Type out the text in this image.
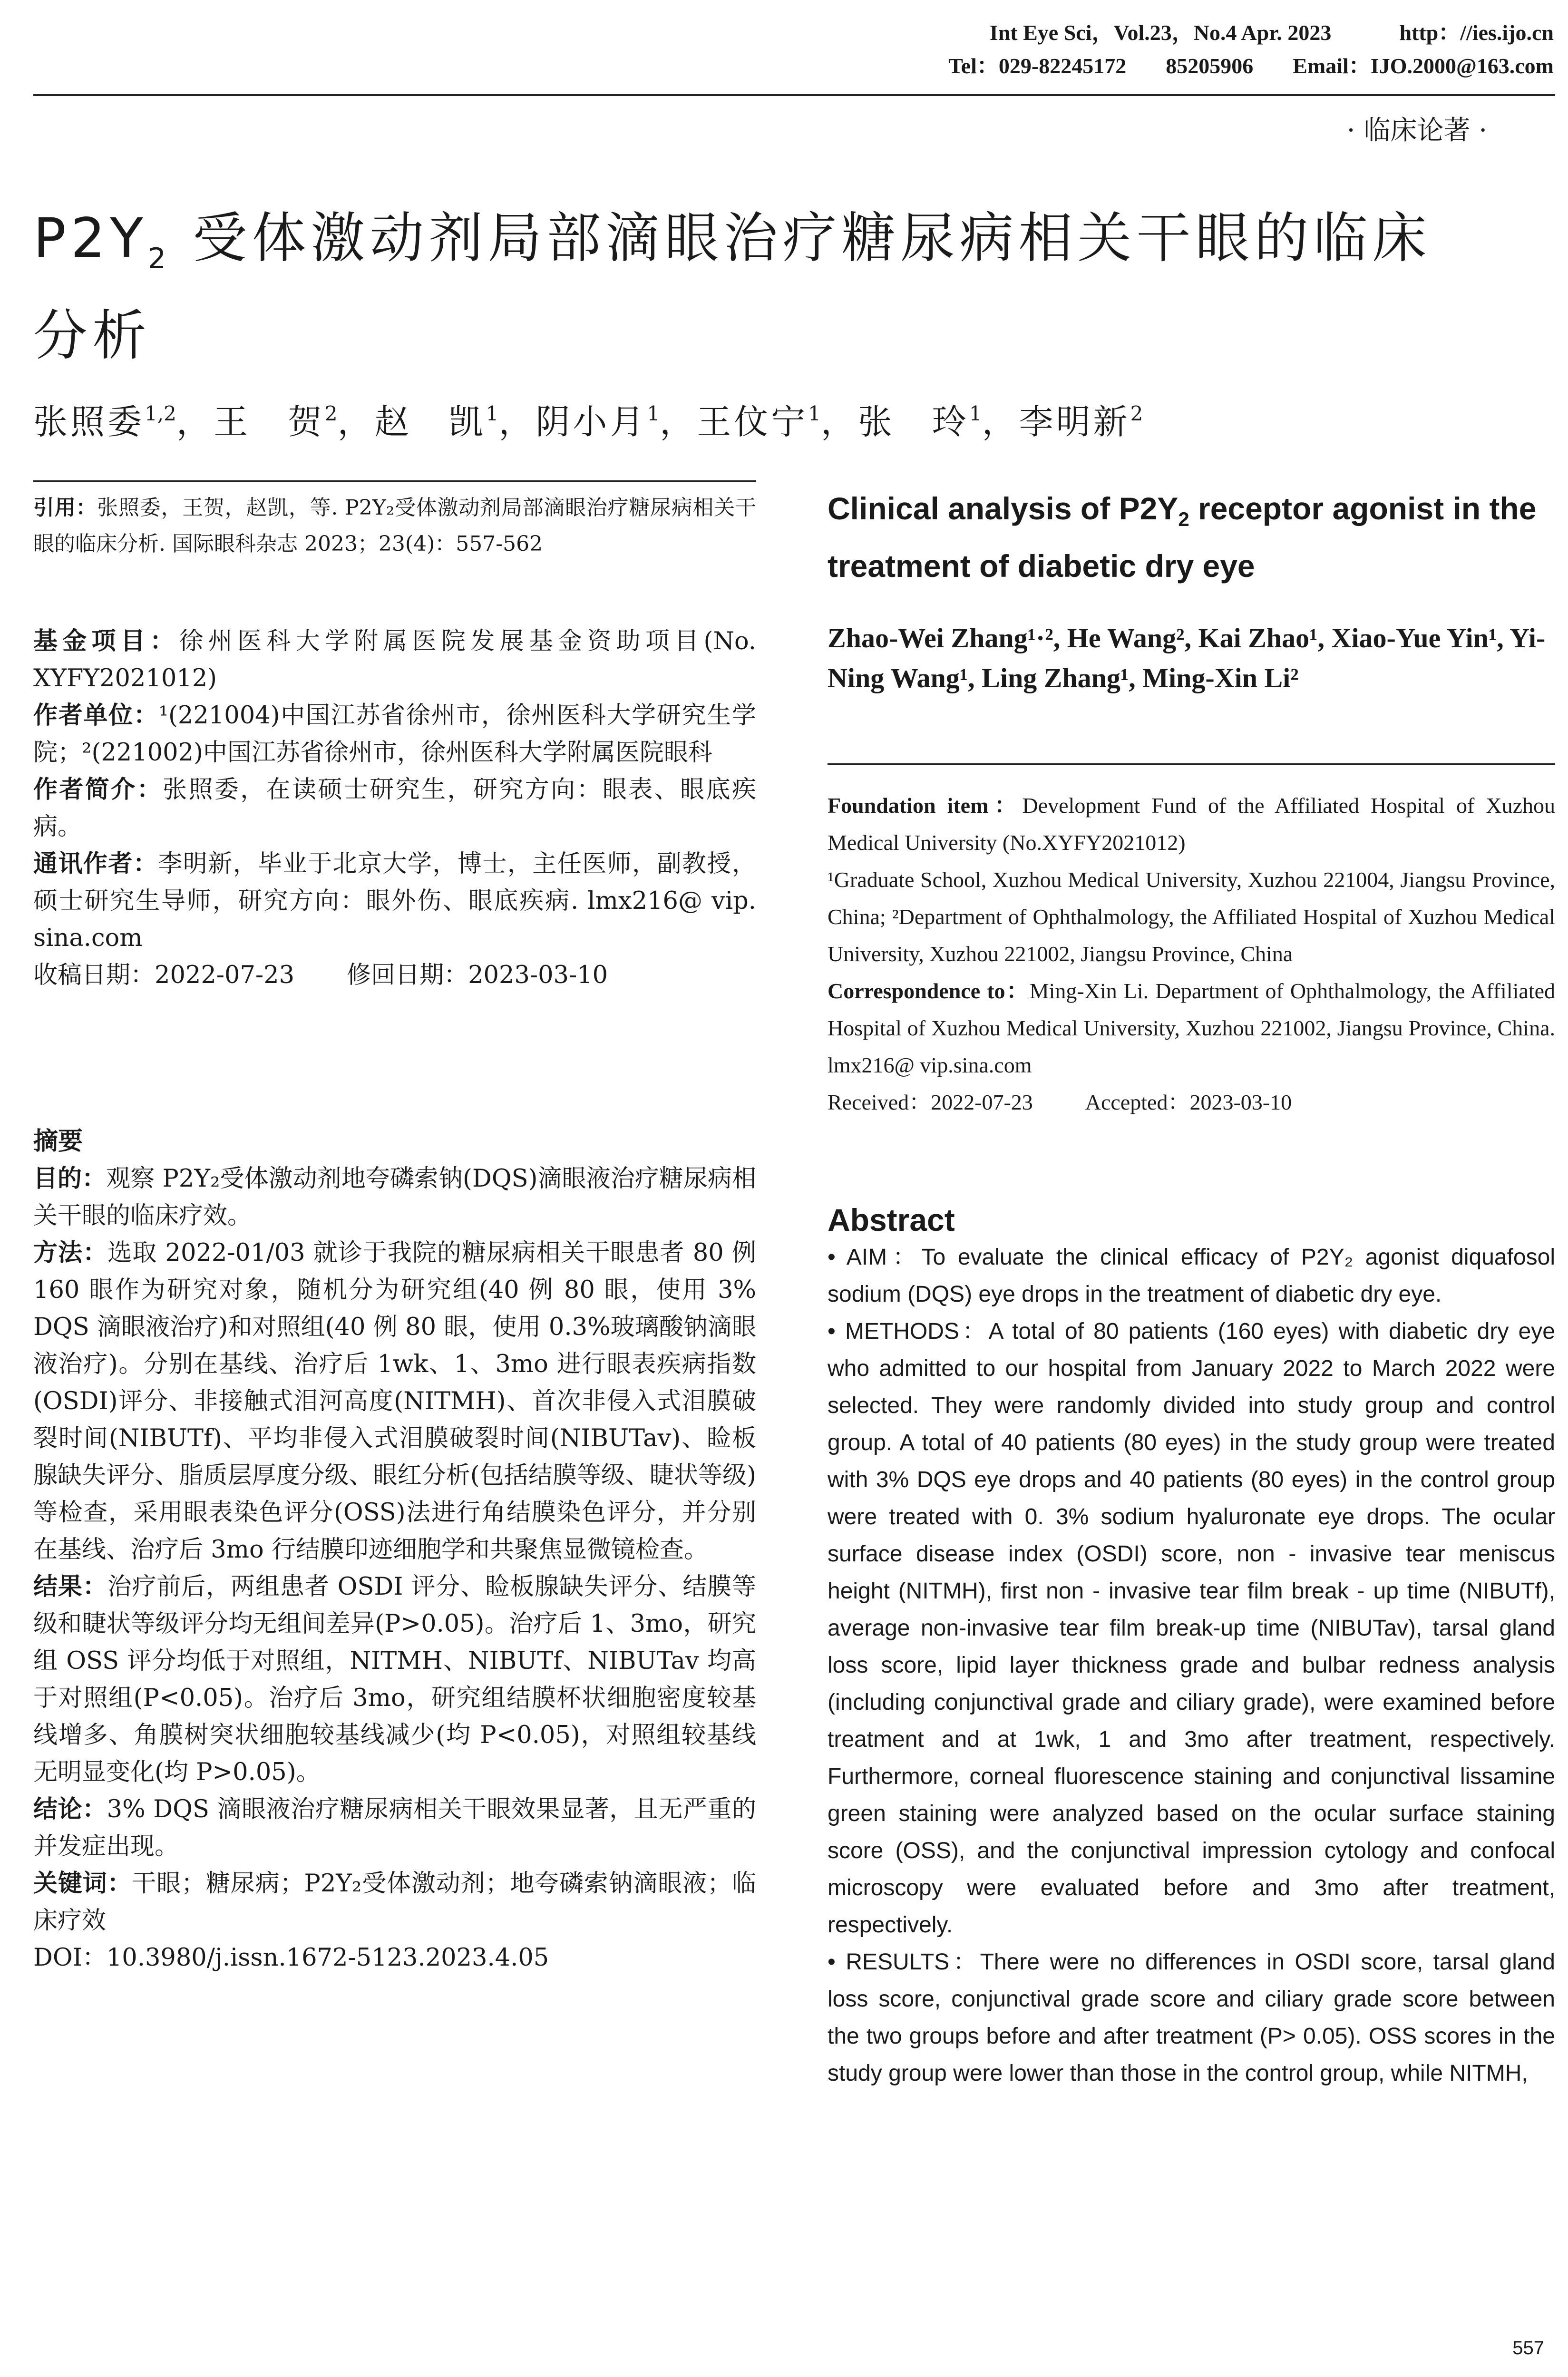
Int Eye Sci，Vol.23，No.4 Apr. 2023	http：//ies.ijo.cn
Tel：029-82245172 85205906 Email：IJO.2000@163.com
· 临床论著 ·
$P2Y_2$ 受体激动剂局部滴眼治疗糖尿病相关干眼的临床
分析
张照委$^{1,2}$，王　贺$^2$，赵　凯$^1$，阴小月$^1$，王伩宁$^1$，张　玲$^1$，李明新$^2$
引用：张照委，王贺，赵凯，等. P2Y₂受体激动剂局部滴眼治疗糖尿病相关干眼的临床分析. 国际眼科杂志 2023；23(4)：557-562

基金项目：徐州医科大学附属医院发展基金资助项目(No. XYFY2021012)

作者单位：¹(221004)中国江苏省徐州市，徐州医科大学研究生学院；²(221002)中国江苏省徐州市，徐州医科大学附属医院眼科

作者简介：张照委，在读硕士研究生，研究方向：眼表、眼底疾病。

通讯作者：李明新，毕业于北京大学，博士，主任医师，副教授，硕士研究生导师，研究方向：眼外伤、眼底疾病. lmx216@ vip. sina.com

收稿日期：2022-07-23 修回日期：2023-03-10

摘要

目的：观察 P2Y₂受体激动剂地夸磷索钠(DQS)滴眼液治疗糖尿病相关干眼的临床疗效。

方法：选取 2022-01/03 就诊于我院的糖尿病相关干眼患者 80 例 160 眼作为研究对象，随机分为研究组(40 例 80 眼，使用 3% DQS 滴眼液治疗)和对照组(40 例 80 眼，使用 0.3%玻璃酸钠滴眼液治疗)。分别在基线、治疗后 1wk、1、3mo 进行眼表疾病指数(OSDI)评分、非接触式泪河高度(NITMH)、首次非侵入式泪膜破裂时间(NIBUTf)、平均非侵入式泪膜破裂时间(NIBUTav)、睑板腺缺失评分、脂质层厚度分级、眼红分析(包括结膜等级、睫状等级)等检查，采用眼表染色评分(OSS)法进行角结膜染色评分，并分别在基线、治疗后 3mo 行结膜印迹细胞学和共聚焦显微镜检查。

结果：治疗前后，两组患者 OSDI 评分、睑板腺缺失评分、结膜等级和睫状等级评分均无组间差异(P>0.05)。治疗后 1、3mo，研究组 OSS 评分均低于对照组，NITMH、NIBUTf、NIBUTav 均高于对照组(P<0.05)。治疗后 3mo，研究组结膜杯状细胞密度较基线增多、角膜树突状细胞较基线减少(均 P<0.05)，对照组较基线无明显变化(均 P>0.05)。

结论：3% DQS 滴眼液治疗糖尿病相关干眼效果显著，且无严重的并发症出现。

关键词：干眼；糖尿病；P2Y₂受体激动剂；地夸磷索钠滴眼液；临床疗效

DOI：10.3980/j.issn.1672-5123.2023.4.05

Clinical analysis of $P2Y_2$ receptor agonist in the treatment of diabetic dry eye
Zhao-Wei Zhang¹·², He Wang², Kai Zhao¹, Xiao-Yue Yin¹, Yi-Ning Wang¹, Ling Zhang¹, Ming-Xin Li²

Foundation item：Development Fund of the Affiliated Hospital of Xuzhou Medical University (No.XYFY2021012)

¹Graduate School, Xuzhou Medical University, Xuzhou 221004, Jiangsu Province, China; ²Department of Ophthalmology, the Affiliated Hospital of Xuzhou Medical University, Xuzhou 221002, Jiangsu Province, China

Correspondence to：Ming-Xin Li. Department of Ophthalmology, the Affiliated Hospital of Xuzhou Medical University, Xuzhou 221002, Jiangsu Province, China. lmx216@ vip.sina.com

Received：2022-07-23 Accepted：2023-03-10

Abstract

• AIM：To evaluate the clinical efficacy of P2Y₂ agonist diquafosol sodium (DQS) eye drops in the treatment of diabetic dry eye.

• METHODS：A total of 80 patients (160 eyes) with diabetic dry eye who admitted to our hospital from January 2022 to March 2022 were selected. They were randomly divided into study group and control group. A total of 40 patients (80 eyes) in the study group were treated with 3% DQS eye drops and 40 patients (80 eyes) in the control group were treated with 0. 3% sodium hyaluronate eye drops. The ocular surface disease index (OSDI) score, non - invasive tear meniscus height (NITMH), first non - invasive tear film break - up time (NIBUTf), average non-invasive tear film break-up time (NIBUTav), tarsal gland loss score, lipid layer thickness grade and bulbar redness analysis (including conjunctival grade and ciliary grade), were examined before treatment and at 1wk, 1 and 3mo after treatment, respectively. Furthermore, corneal fluorescence staining and conjunctival lissamine green staining were analyzed based on the ocular surface staining score (OSS), and the conjunctival impression cytology and confocal microscopy were evaluated before and 3mo after treatment, respectively.

• RESULTS：There were no differences in OSDI score, tarsal gland loss score, conjunctival grade score and ciliary grade score between the two groups before and after treatment (P> 0.05). OSS scores in the study group were lower than those in the control group, while NITMH,

557
